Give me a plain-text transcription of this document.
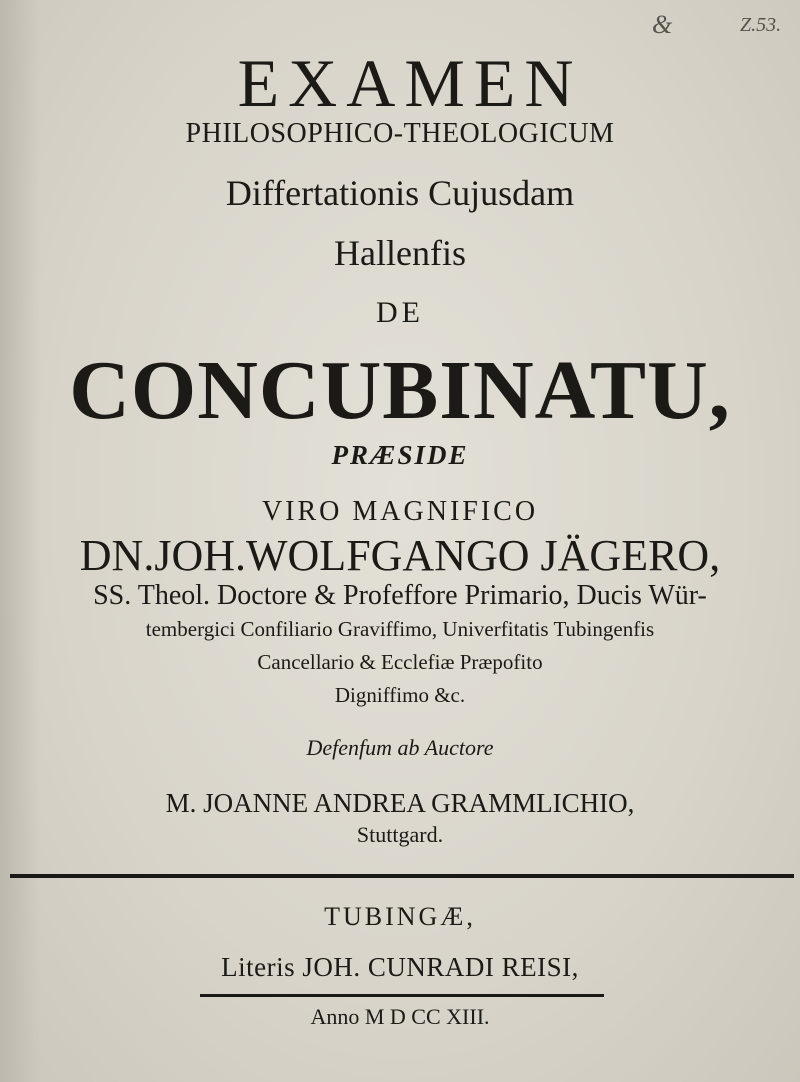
&	Z.53.
EXAMEN
PHILOSOPHICO-THEOLOGICUM
Differtationis Cujusdam
Hallenfis
DE
CONCUBINATU,
PRÆSIDE
VIRO MAGNIFICO
DN.JOH.WOLFGANGO JÄGERO,
SS. Theol. Doctore & Profeffore Primario, Ducis Wür-
tembergici Confiliario Graviffimo, Univerfitatis Tubingenfis
Cancellario & Ecclefiæ Præpofito
Digniffimo &c.
Defenfum ab Auctore
M. JOANNE ANDREA GRAMMLICHIO,
Stuttgard.
TUBINGÆ,
Literis JOH. CUNRADI REISI,
Anno M D CC XIII.
